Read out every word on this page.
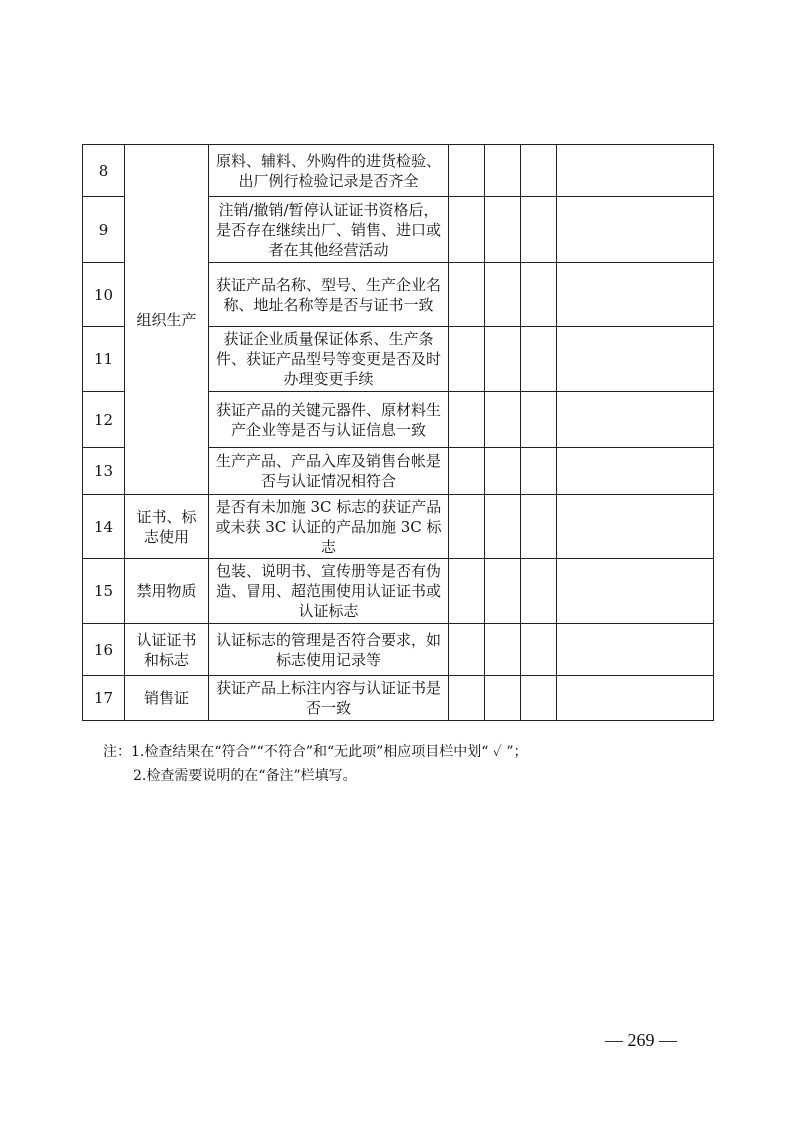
8	组织生产	原料、辅料、外购件的进货检验、出厂例行检验记录是否齐全				
9		注销/撤销/暂停认证证书资格后，是否存在继续出厂、销售、进口或者在其他经营活动				
10		获证产品名称、型号、生产企业名称、地址名称等是否与证书一致				
11		获证企业质量保证体系、生产条件、获证产品型号等变更是否及时办理变更手续				
12		获证产品的关键元器件、原材料生产企业等是否与认证信息一致				
13		生产产品、产品入库及销售台帐是否与认证情况相符合				
14	证书、标志使用	是否有未加施 3C 标志的获证产品或未获 3C 认证的产品加施 3C 标志				
15	禁用物质	包装、说明书、宣传册等是否有伪造、冒用、超范围使用认证证书或认证标志				
16	认证证书和标志	认证标志的管理是否符合要求，如标志使用记录等				
17	销售证	获证产品上标注内容与认证证书是否一致				
注：1.检查结果在“符合”“不符合”和“无此项”相应项目栏中划“ ✓ ”；
2.检查需要说明的在“备注”栏填写。
— 269 —
